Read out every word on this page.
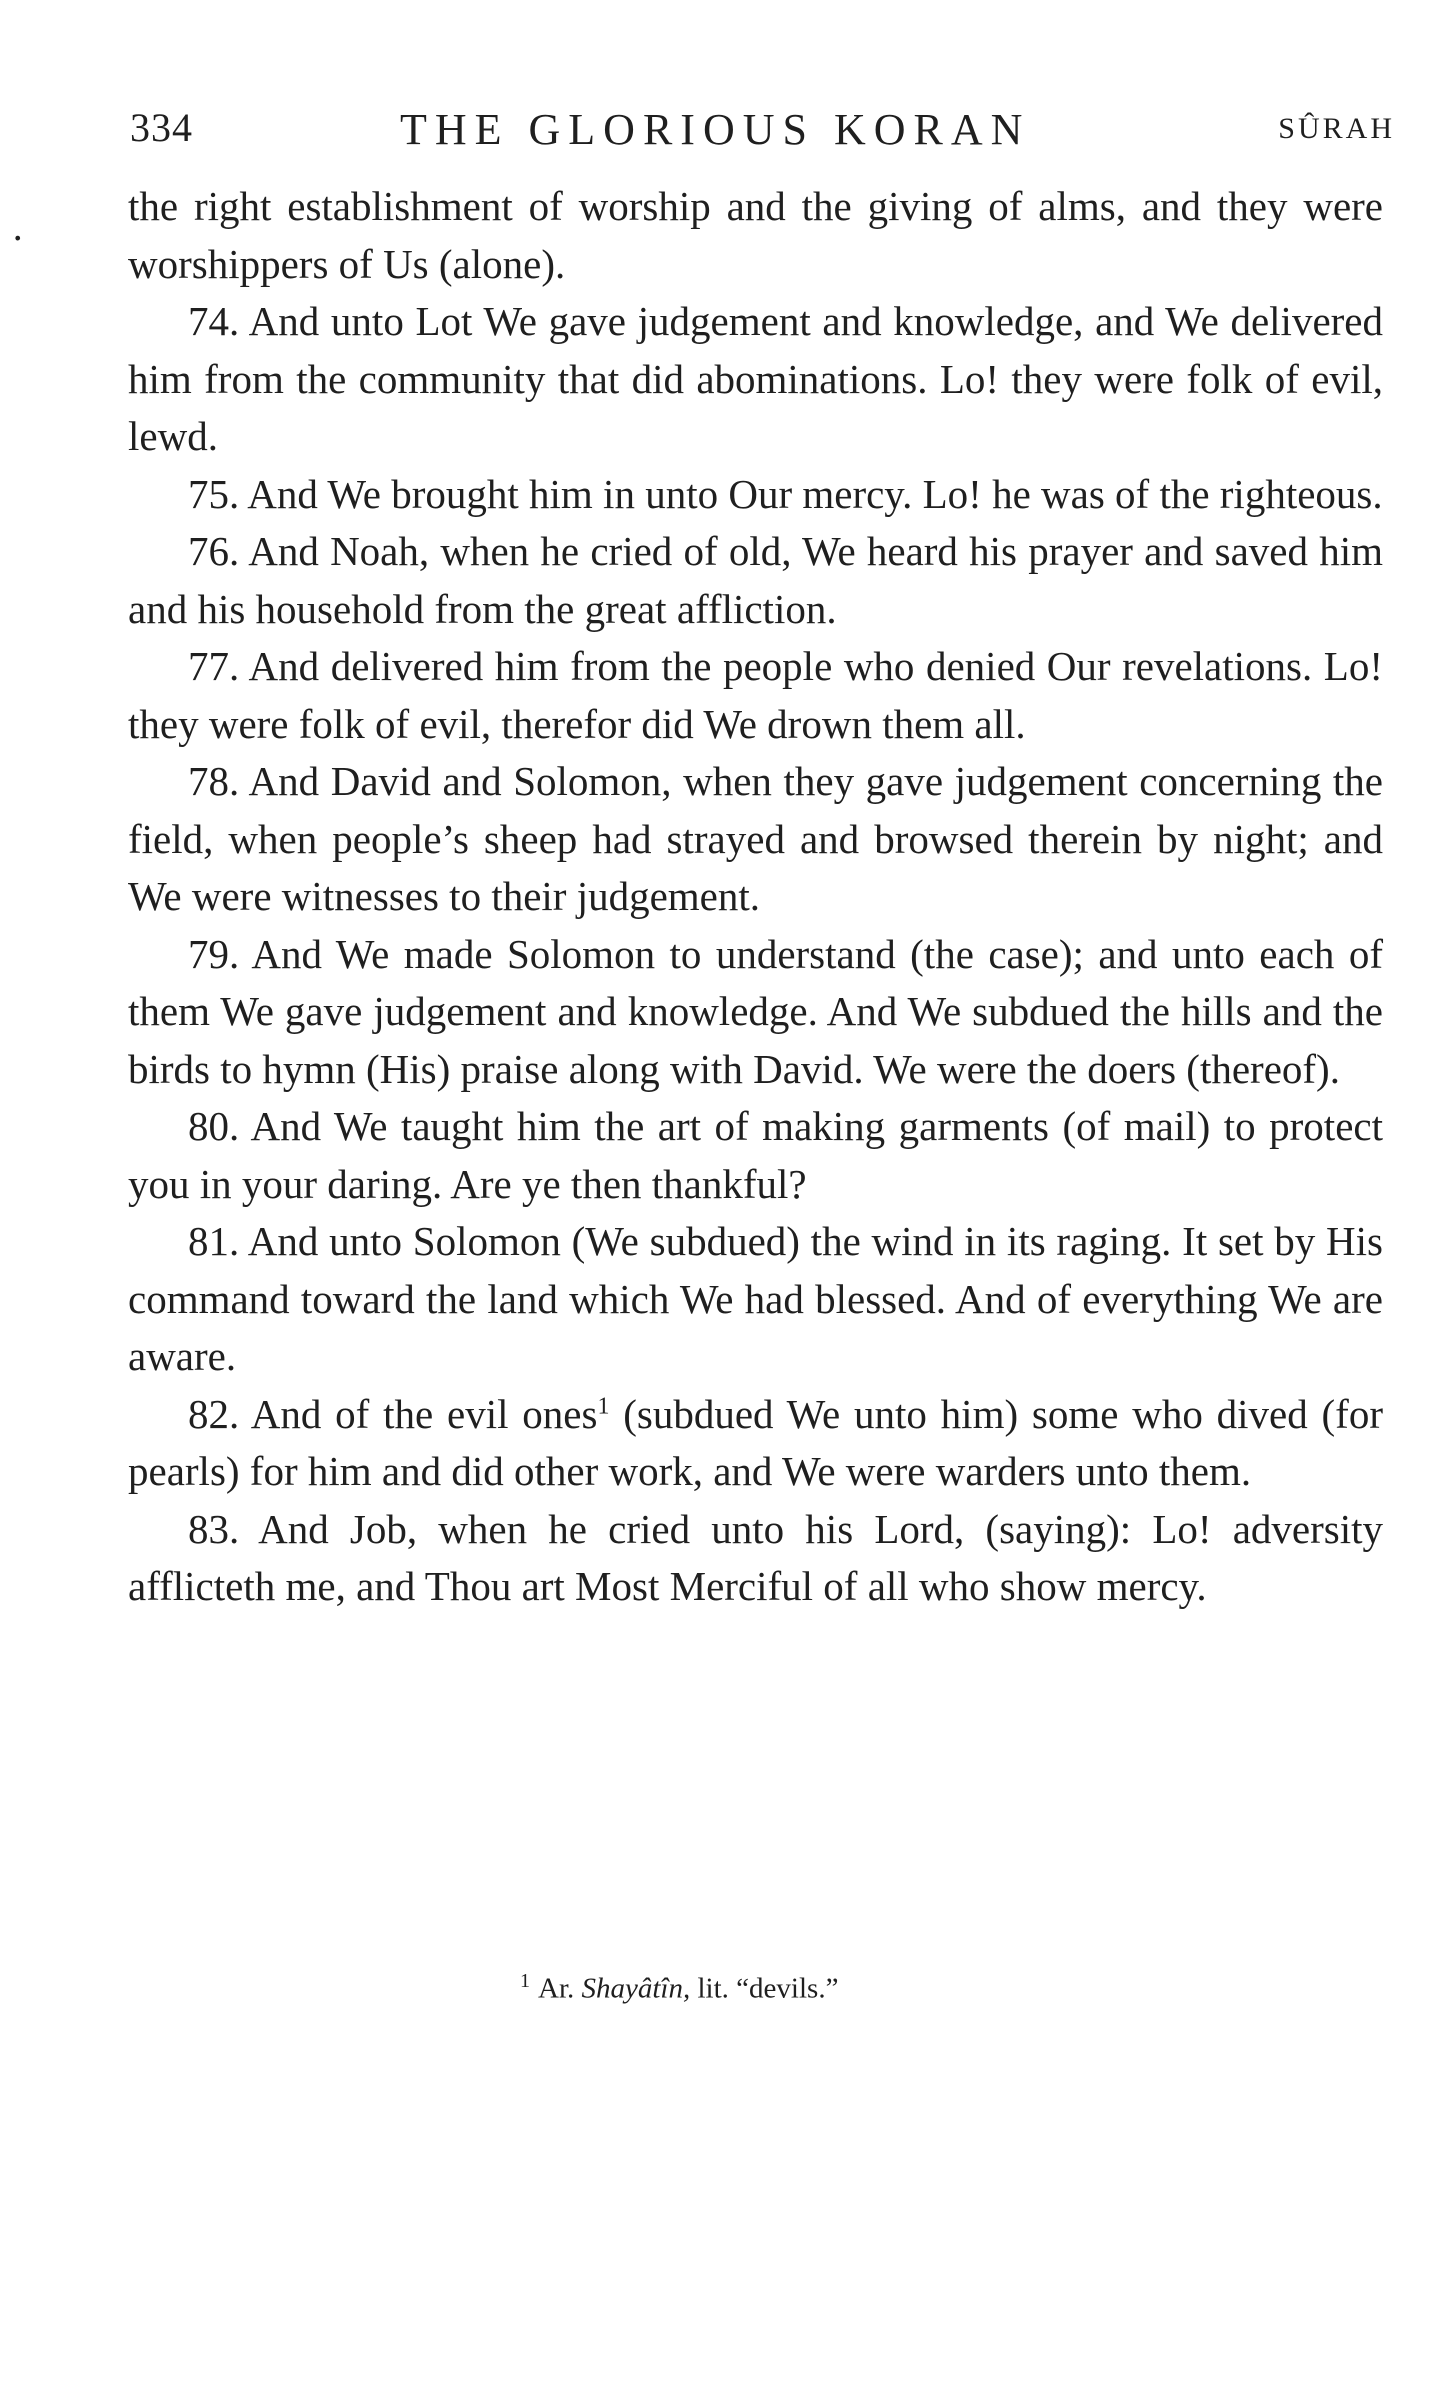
334	THE GLORIOUS KORAN	SÛRAH
.	the right establishment of worship and the giving of alms, and they were worshippers of Us (alone).

74. And unto Lot We gave judgement and knowledge, and We delivered him from the community that did abominations. Lo! they were folk of evil, lewd.

75. And We brought him in unto Our mercy. Lo! he was of the righteous.

76. And Noah, when he cried of old, We heard his prayer and saved him and his household from the great affliction.

77. And delivered him from the people who denied Our revelations. Lo! they were folk of evil, therefor did We drown them all.

78. And David and Solomon, when they gave judgement concerning the field, when people’s sheep had strayed and browsed therein by night; and We were witnesses to their judgement.

79. And We made Solomon to understand (the case); and unto each of them We gave judgement and knowledge. And We subdued the hills and the birds to hymn (His) praise along with David. We were the doers (thereof).

80. And We taught him the art of making garments (of mail) to protect you in your daring. Are ye then thankful?

81. And unto Solomon (We subdued) the wind in its raging. It set by His command toward the land which We had blessed. And of everything We are aware.

82. And of the evil ones$^1$ (subdued We unto him) some who dived (for pearls) for him and did other work, and We were warders unto them.

83. And Job, when he cried unto his Lord, (saying): Lo! adversity afflicteth me, and Thou art Most Merciful of all who show mercy.

$^1$ Ar. Shayâtîn, lit. “devils.”
